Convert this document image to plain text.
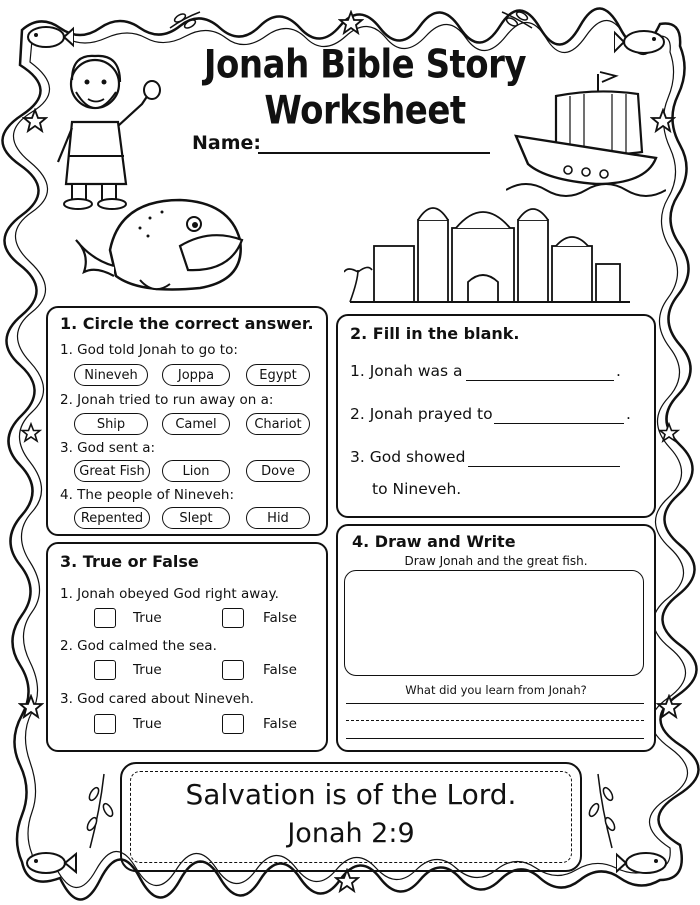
Jonah Bible Story Worksheet
Name:
1. Circle the correct answer.
1. God told Jonah to go to:
Nineveh	Joppa	Egypt
2. Jonah tried to run away on a:
Ship	Camel	Chariot
3. God sent a:
Great Fish	Lion	Dove
4. The people of Nineveh:
Repented	Slept	Hid
2. Fill in the blank.
1. Jonah was a	.
2. Jonah prayed to	.
3. God showed
to Nineveh.
3. True or False
1. Jonah obeyed God right away.
True	False
2. God calmed the sea.
True	False
3. God cared about Nineveh.
True	False
4. Draw and Write
Draw Jonah and the great fish.
What did you learn from Jonah?
Salvation is of the Lord.
Jonah 2:9
